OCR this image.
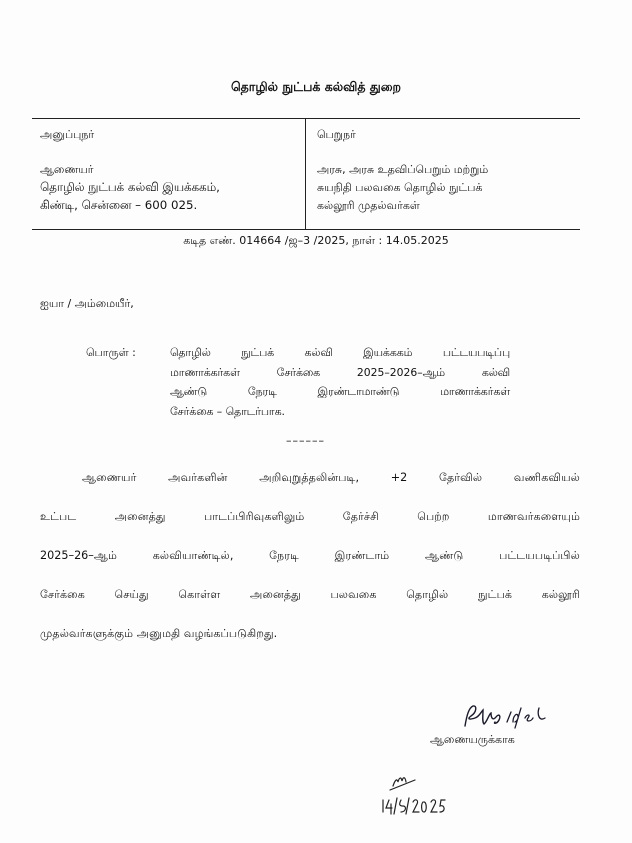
தொழில் நுட்பக் கல்வித் துறை
அனுப்புநர்
ஆணையர்
தொழில் நுட்பக் கல்வி இயக்ககம்,
கிண்டி, சென்னை – 600 025.
பெறுநர்
அரசு, அரசு உதவிப்பெறும் மற்றும்
சுயநிதி பலவகை தொழில் நுட்பக்
கல்லூரி முதல்வர்கள்
கடித எண். 014664 /ஜ–3 /2025, நாள் : 14.05.2025
ஐயா / அம்மையீர்,
பொருள் :	தொழில்	நுட்பக்	கல்வி	இயக்ககம்	பட்டயபடிப்பு
மாணாக்கர்கள்	சேர்க்கை	2025–2026–ஆம்	கல்வி
ஆண்டு	நேரடி	இரண்டாமாண்டு	மாணாக்கர்கள்
சேர்க்கை – தொடர்பாக.
––––––
ஆணையர்	அவர்களின்	அறிவுறுத்தலின்படி,	+2	தேர்வில்	வணிகவியல்
உட்பட	அனைத்து	பாடப்பிரிவுகளிலும்	தேர்ச்சி	பெற்ற	மாணவர்களையும்
2025–26–ஆம்	கல்வியாண்டில்,	நேரடி	இரண்டாம்	ஆண்டு	பட்டயபடிப்பில்
சேர்க்கை	செய்து	கொள்ள	அனைத்து	பலவகை	தொழில்	நுட்பக்	கல்லூரி
முதல்வர்களுக்கும் அனுமதி வழங்கப்படுகிறது.
ஆணையருக்காக
